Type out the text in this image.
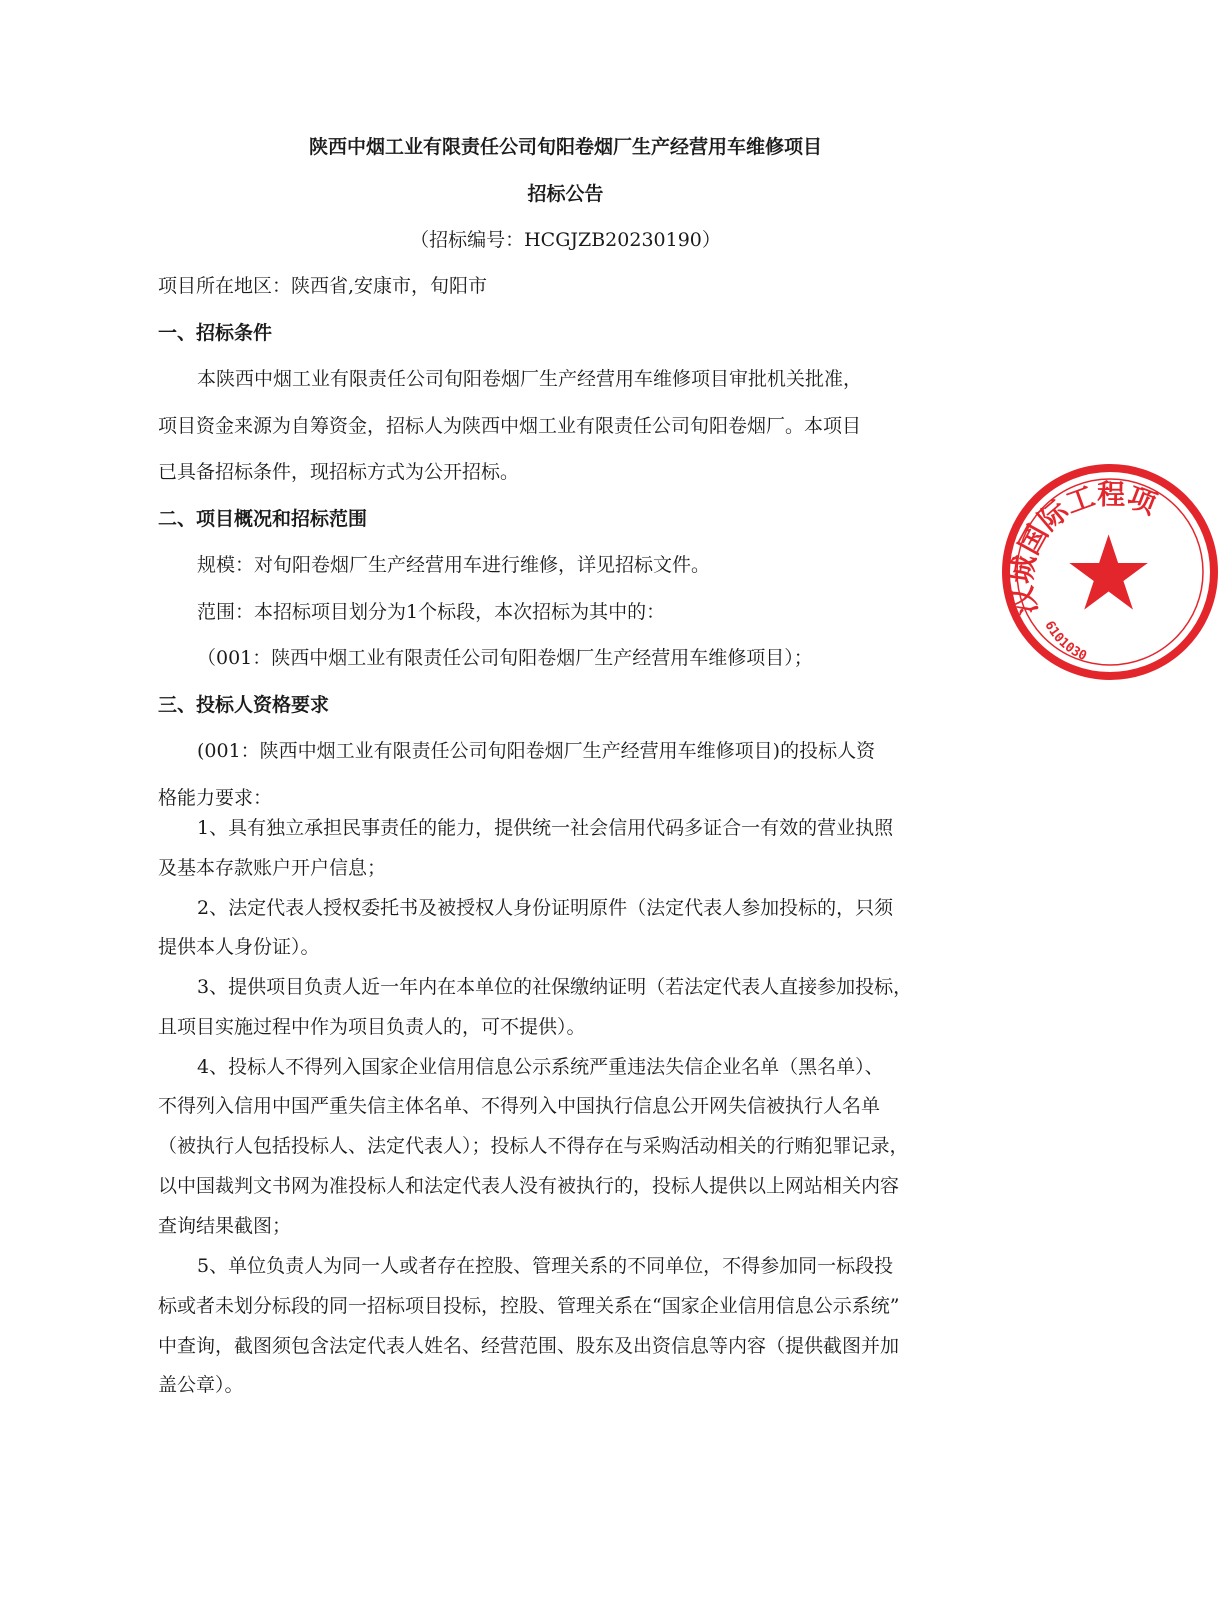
陕西中烟工业有限责任公司旬阳卷烟厂生产经营用车维修项目
招标公告
（招标编号：HCGJZB20230190）
项目所在地区：陕西省,安康市，旬阳市
一、招标条件
本陕西中烟工业有限责任公司旬阳卷烟厂生产经营用车维修项目审批机关批准，
项目资金来源为自筹资金，招标人为陕西中烟工业有限责任公司旬阳卷烟厂。本项目
已具备招标条件，现招标方式为公开招标。
二、项目概况和招标范围
规模：对旬阳卷烟厂生产经营用车进行维修，详见招标文件。
范围：本招标项目划分为1个标段，本次招标为其中的：
（001：陕西中烟工业有限责任公司旬阳卷烟厂生产经营用车维修项目）；
三、投标人资格要求
(001：陕西中烟工业有限责任公司旬阳卷烟厂生产经营用车维修项目)的投标人资
格能力要求：
1、具有独立承担民事责任的能力，提供统一社会信用代码多证合一有效的营业执照
及基本存款账户开户信息；
2、法定代表人授权委托书及被授权人身份证明原件（法定代表人参加投标的，只须
提供本人身份证）。
3、提供项目负责人近一年内在本单位的社保缴纳证明（若法定代表人直接参加投标，
且项目实施过程中作为项目负责人的，可不提供）。
4、投标人不得列入国家企业信用信息公示系统严重违法失信企业名单（黑名单）、
不得列入信用中国严重失信主体名单、不得列入中国执行信息公开网失信被执行人名单
（被执行人包括投标人、法定代表人）；投标人不得存在与采购活动相关的行贿犯罪记录，
以中国裁判文书网为准投标人和法定代表人没有被执行的，投标人提供以上网站相关内容
查询结果截图；
5、单位负责人为同一人或者存在控股、管理关系的不同单位，不得参加同一标段投
标或者未划分标段的同一招标项目投标，控股、管理关系在“国家企业信用信息公示系统”
中查询，截图须包含法定代表人姓名、经营范围、股东及出资信息等内容（提供截图并加
盖公章）。
汉城国际工程项
6101030
